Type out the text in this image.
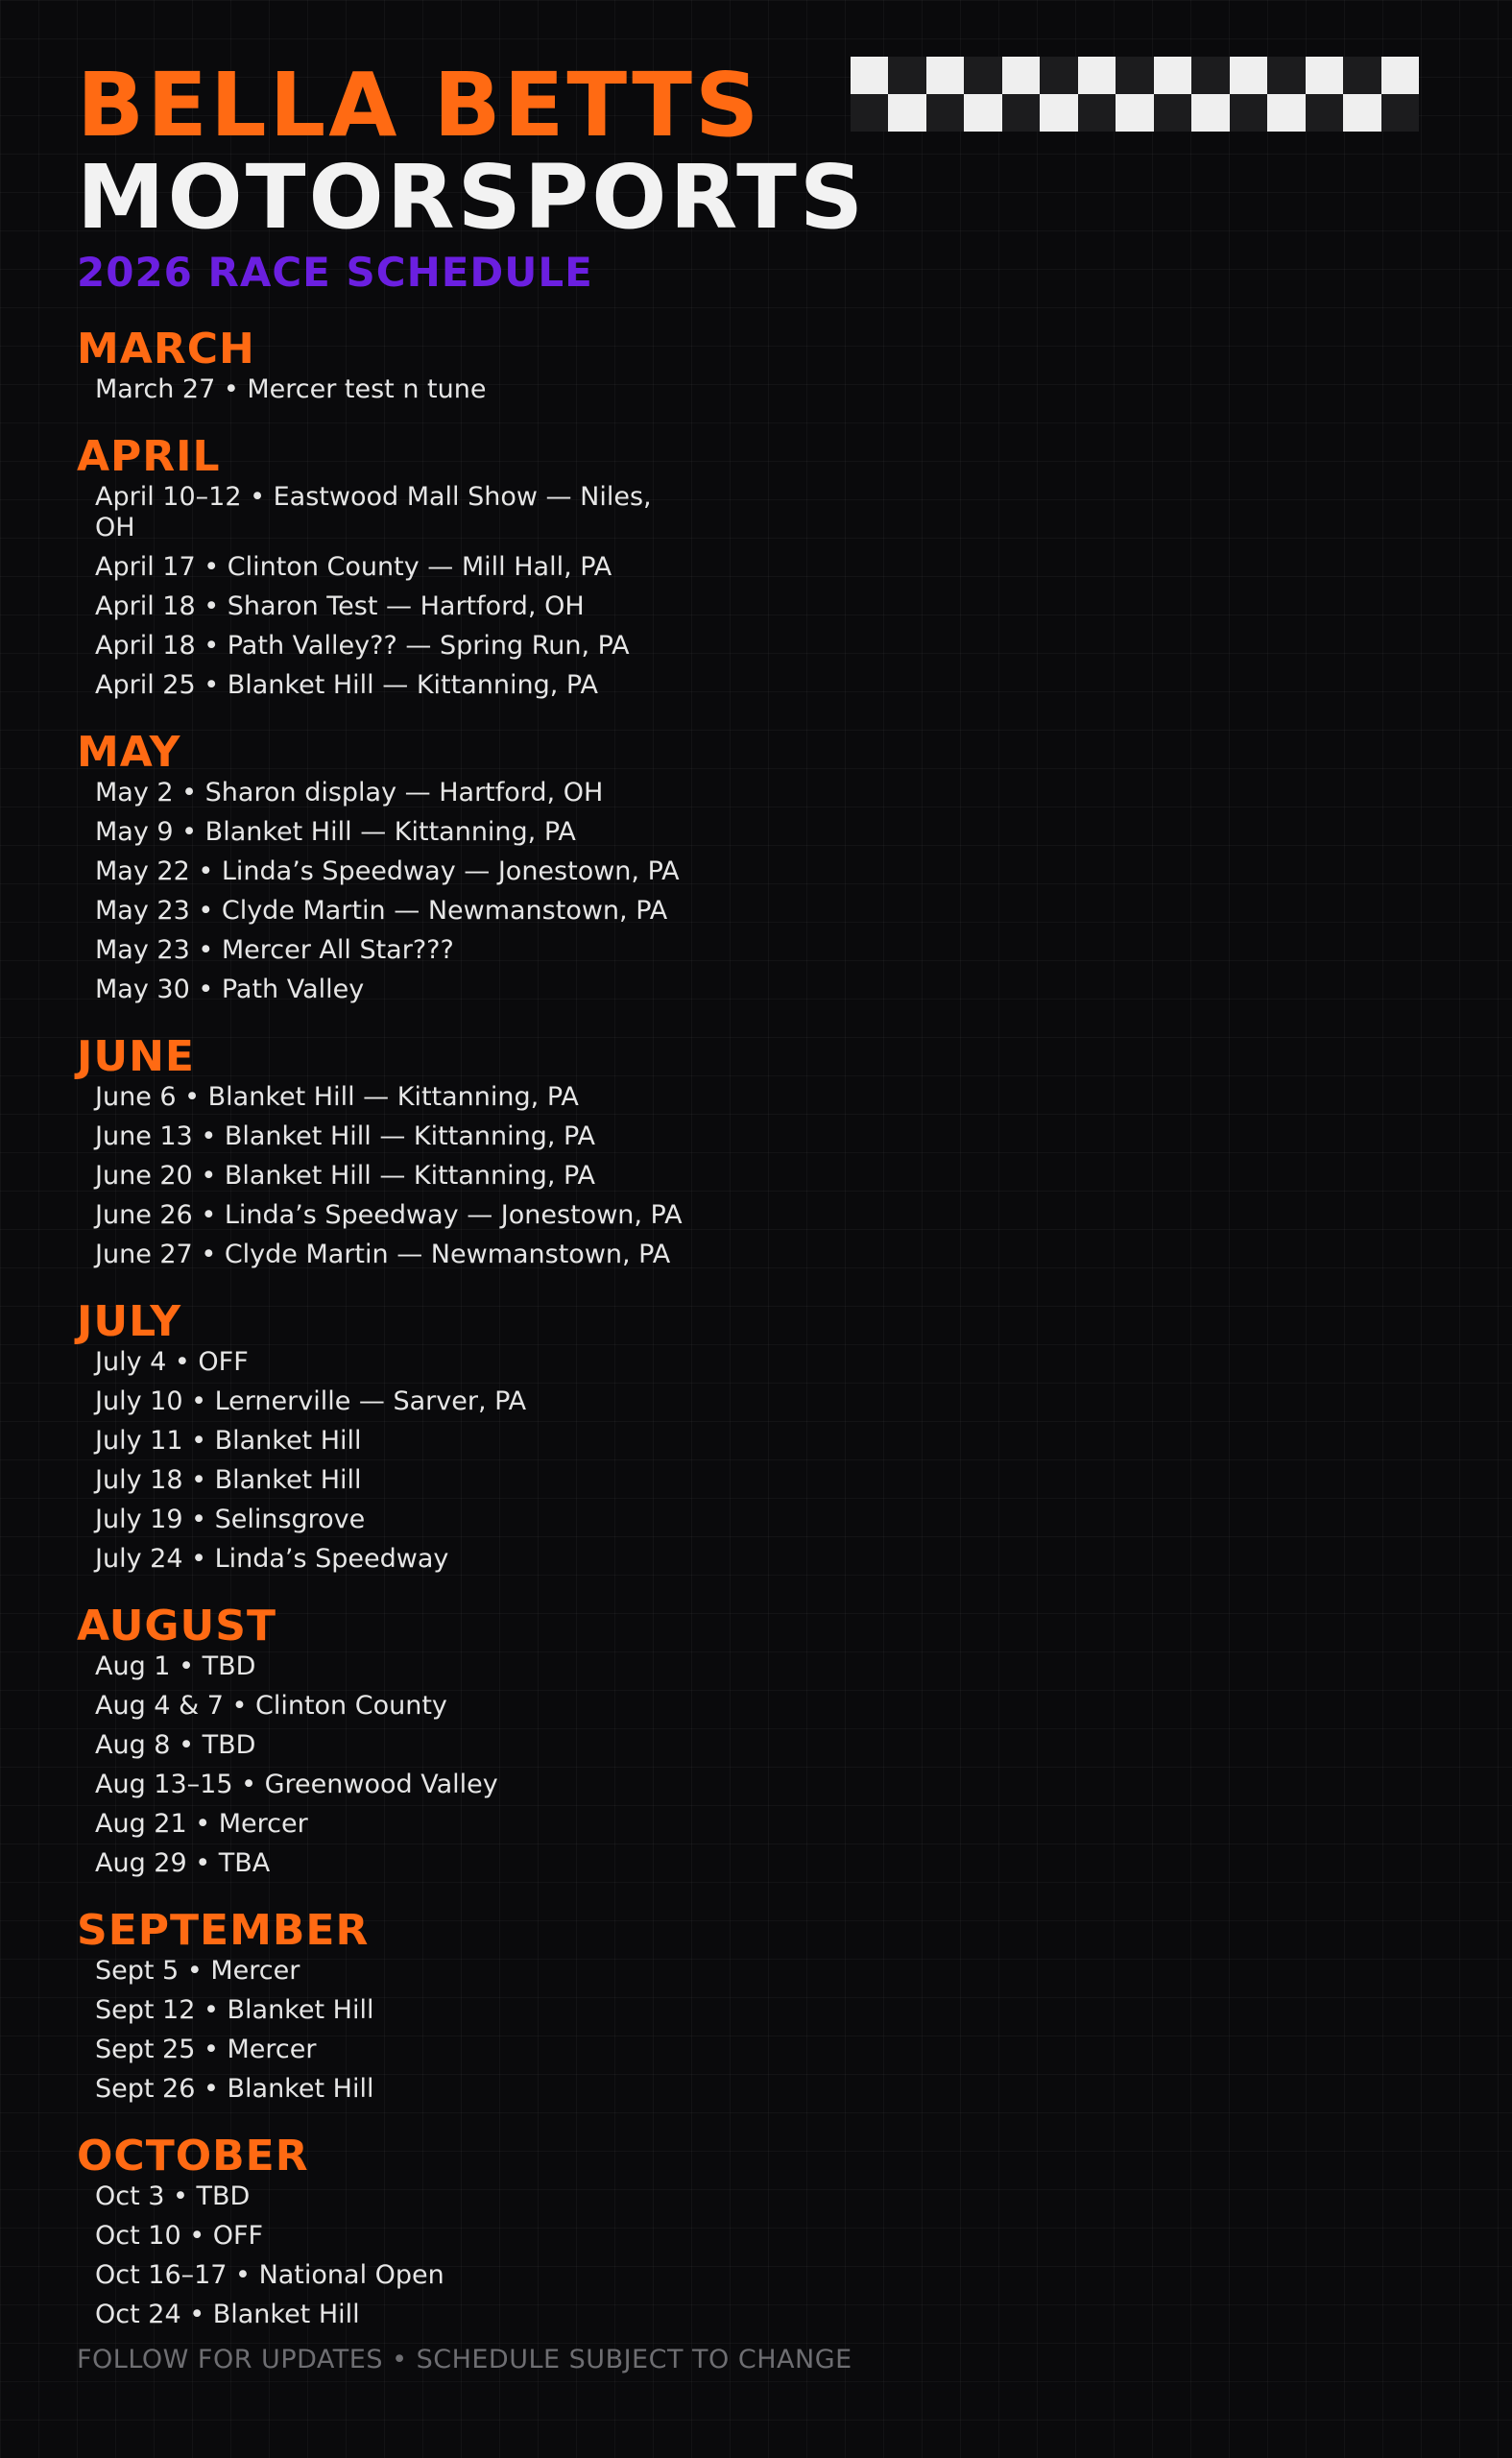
BELLA BETTS
MOTORSPORTS
2026 RACE SCHEDULE
MARCH
March 27 • Mercer test n tune
APRIL
April 10–12 • Eastwood Mall Show — Niles, OH
April 17 • Clinton County — Mill Hall, PA
April 18 • Sharon Test — Hartford, OH
April 18 • Path Valley?? — Spring Run, PA
April 25 • Blanket Hill — Kittanning, PA
MAY
May 2 • Sharon display — Hartford, OH
May 9 • Blanket Hill — Kittanning, PA
May 22 • Linda’s Speedway — Jonestown, PA
May 23 • Clyde Martin — Newmanstown, PA
May 23 • Mercer All Star???
May 30 • Path Valley
JUNE
June 6 • Blanket Hill — Kittanning, PA
June 13 • Blanket Hill — Kittanning, PA
June 20 • Blanket Hill — Kittanning, PA
June 26 • Linda’s Speedway — Jonestown, PA
June 27 • Clyde Martin — Newmanstown, PA
JULY
July 4 • OFF
July 10 • Lernerville — Sarver, PA
July 11 • Blanket Hill
July 18 • Blanket Hill
July 19 • Selinsgrove
July 24 • Linda’s Speedway
AUGUST
Aug 1 • TBD
Aug 4 & 7 • Clinton County
Aug 8 • TBD
Aug 13–15 • Greenwood Valley
Aug 21 • Mercer
Aug 29 • TBA
SEPTEMBER
Sept 5 • Mercer
Sept 12 • Blanket Hill
Sept 25 • Mercer
Sept 26 • Blanket Hill
OCTOBER
Oct 3 • TBD
Oct 10 • OFF
Oct 16–17 • National Open
Oct 24 • Blanket Hill
FOLLOW FOR UPDATES • SCHEDULE SUBJECT TO CHANGE
